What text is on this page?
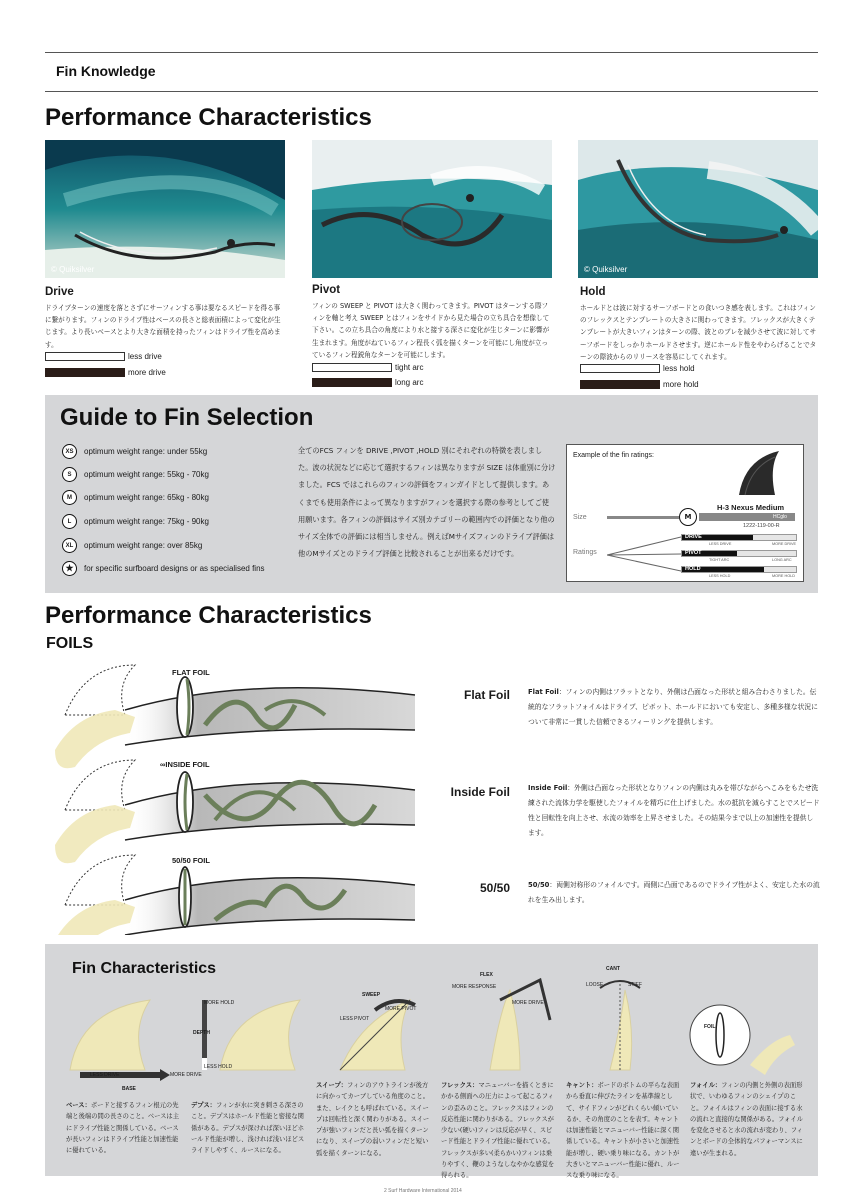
Fin Knowledge
Performance Characteristics
© Quiksilver	© Quiksilver
Drive
ドライブターンの速度を落とさずにサーフィンする事は要なるスピードを得る事に繋がります。フィンのドライブ性はベースの長さと総表面積によって変化が生じます。より長いベースとより大きな面積を持ったフィンはドライブ性を高めます。
less drive
more drive
Pivot
フィンの SWEEP と PIVOT は大きく関わってきます。PIVOT はターンする際フィンを軸と考え SWEEP とはフィンをサイドから見た場合の立ち具合を想像して下さい。この立ち具合の角度により水と接する深さに変化が生じターンに影響が生まれます。角度がねているフィン程長く弧を描くターンを可能にし角度が立っているフィン程鋭角なターンを可能にします。
tight arc
long arc
Hold
ホールドとは波に対するサーフボードとの食いつき感を表します。これはフィンのフレックスとテンプレートの大きさに関わってきます。フレックスが大きくテンプレートが大きいフィンはターンの際、波とのブレを減少させて波に対してサーフボードをしっかりホールドさせます。逆にホールド性をやわらげることでターンの際波からのリリースを容易にしてくれます。
less hold
more hold
Guide to Fin Selection
XS	optimum weight range: under 55kg
S	optimum weight range: 55kg - 70kg
M	optimum weight range: 65kg - 80kg
L	optimum weight range: 75kg - 90kg
XL	optimum weight range: over 85kg
★	for specific surfboard designs or as specialised fins
全てのFCS フィンを DRIVE ,PIVOT ,HOLD 別にそれぞれの特徴を表しました。波の状況などに応じて選択するフィンは異なりますが SIZE は体重別に分けました。FCS ではこれらのフィンの評価をフィンガイドとして提供します。あくまでも使用条件によって異なりますがフィンを選択する際の参考としてご使用願います。各フィンの評価はサイズ別カテゴリーの範囲内での評価となり他のサイズ全体での評価には相当しません。例えばMサイズフィンのドライブ評価は他のMサイズとのドライブ評価と比較されることが出来るだけです。
Example of the fin ratings:
H-3 Nexus Medium
Size	M	HCglo
1222-119-00-R
Ratings
DRIVE
LESS DRIVE	MORE DRIVE
PIVOT
TIGHT ARC	LONG ARC
HOLD
LESS HOLD	MORE HOLD
Performance Characteristics
FOILS
FLAT FOIL
∞INSIDE FOIL
50/50 FOIL
Flat Foil	Flat Foil：フィンの内側はフラットとなり、外側は凸面なった形状と組み合わさりました。伝統的なフラットフォイルはドライブ、ピボット、ホールドにおいても安定し、多種多様な状況について非常に一貫した信頼できるフィーリングを提供します。
Inside Foil	Inside Foil：外側は凸面なった形状となりフィンの内側は丸みを帯びながらへこみをもたせ洗練された流体力学を駆使したフォイルを精巧に仕上げました。水の抵抗を減らすことでスピード性と回転性を向上させ、水流の効率を上昇させました。その結果今まで以上の加速性を提供します。
50/50	50/50：両側対称形のフォイルです。両側に凸面であるのでドライブ性がよく、安定した水の流れを生み出します。
Fin Characteristics
LESS DRIVE	MORE DRIVE
BASE
DEPTH
LESS HOLD
MORE HOLD
SWEEP
MORE PIVOT
LESS PIVOT
FLEX
MORE RESPONSE
MORE DRIVE
CANT
LOOSE	STIFF
FOIL
ベース：ボードと接するフィン根元の先端と後端の間の長さのこと。ベースは主にドライブ性能と関係している。ベースが長いフィンはドライブ性能と加速性能に優れている。
デプス：フィンが水に突き刺さる深さのこと。デプスはホールド性能と密接な関係がある。デプスが深ければ深いほどホールド性能が増し、浅ければ浅いほどスライドしやすく、ルースになる。
スイープ：フィンのアウトラインが後方に向かってカーブしている角度のこと。また、レイクとも呼ばれている。スイープは回転性と深く関わりがある。スイープが強いフィンだと長い弧を描くターンになり、スイープの弱いフィンだと短い弧を描くターンになる。
フレックス：マニューバーを描くときにかかる側面への圧力によって起こるフィンの歪みのこと。フレックスはフィンの反応性能に関わりがある。フレックスが少ない(硬い)フィンは反応が早く、スピード性能とドライブ性能に優れている。フレックスが多い(柔らかい)フィンは乗りやすく、鞭のようなしなやかな感覚を得られる。
キャント：ボードのボトムの平らな表面から垂直に伸びたラインを基準線として、サイドフィンがどれくらい傾いているか、その角度のことを表す。キャントは加速性能とマニューバー性能に深く関係している。キャントが小さいと加速性能が増し、硬い乗り味になる。カントが大きいとマニューバー性能に優れ、ルースな乗り味になる。
フォイル：フィンの内側と外側の表面形状で、いわゆるフィンのシェイプのこと。フォイルはフィンの表面に接する水の流れと直接的な関係がある。フォイルを変化させると水の流れが変わり、フィンとボードの全体的なパフォーマンスに違いが生まれる。
2 Surf Hardware International 2014
